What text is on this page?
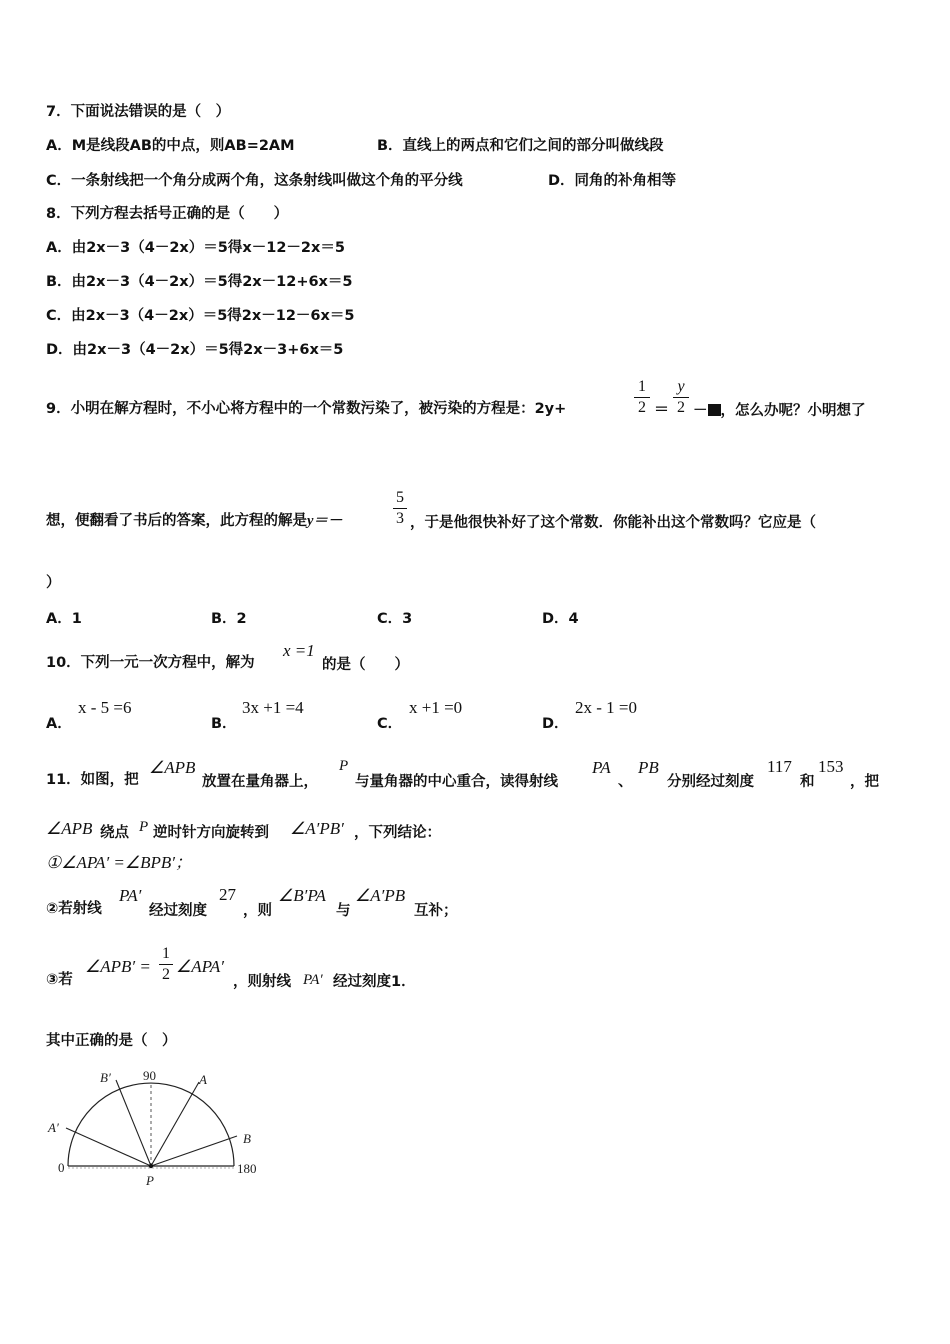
7．下面说法错误的是（　）
A．M是线段AB的中点，则AB=2AM	B．直线上的两点和它们之间的部分叫做线段
C．一条射线把一个角分成两个角，这条射线叫做这个角的平分线	D．同角的补角相等
8．下列方程去括号正确的是（　　）
A．由2x－3（4－2x）＝5得x－12－2x＝5
B．由2x－3（4－2x）＝5得2x－12+6x＝5
C．由2x－3（4－2x）＝5得2x－12－6x＝5
D．由2x－3（4－2x）＝5得2x－3+6x＝5
9．小明在解方程时，不小心将方程中的一个常数污染了，被污染的方程是：2y+
1
2 ＝
y
2 － ，怎么办呢？小明想了
想，便翻看了书后的答案，此方程的解是y＝－
5
3 ，于是他很快补好了这个常数．你能补出这个常数吗？它应是（
）
A．1	B．2	C．3	D．4
10．下列一元一次方程中，解为
x =1
的是（　　）
A．
x - 5 =6
B．
3x +1 =4
C．
x +1 =0
D．
2x - 1 =0
11．如图，把
∠APB
放置在量角器上，
P
与量角器的中心重合，读得射线
PA
、
PB
分别经过刻度
117
和
153
，把
∠APB 绕点 P 逆时针方向旋转到 ∠A′PB′ ，下列结论：
①∠APA′ =∠BPB′；
②若射线
PA′
经过刻度
27
，则
∠B′PA
与
∠A′PB
互补；
③若
∠APB′ =
1
2 ∠APA′
，则射线 PA′ 经过刻度1．
其中正确的是（　）
B′ 90	A
A′
B
0	180
P
